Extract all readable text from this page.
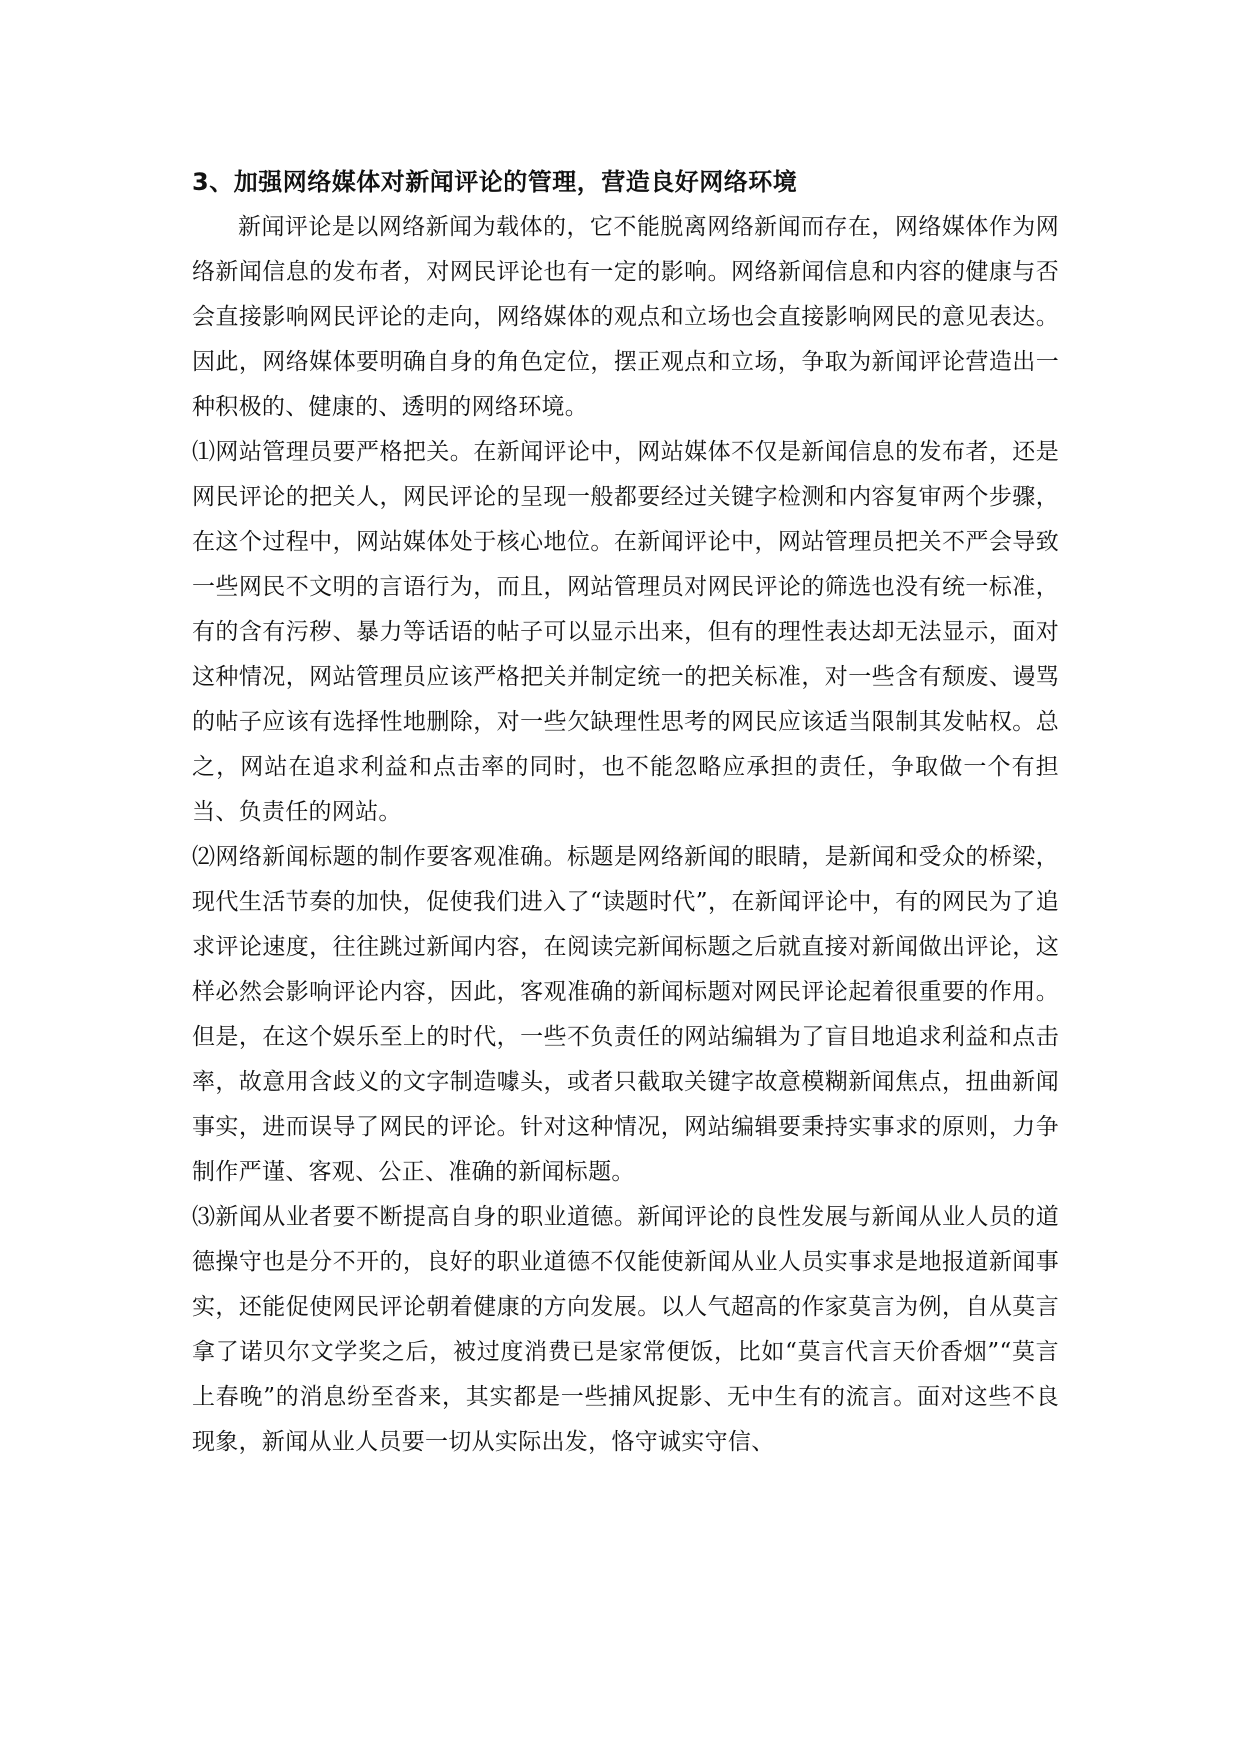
3、加强网络媒体对新闻评论的管理，营造良好网络环境

新闻评论是以网络新闻为载体的，它不能脱离网络新闻而存在，网络媒体作为网络新闻信息的发布者，对网民评论也有一定的影响。网络新闻信息和内容的健康与否会直接影响网民评论的走向，网络媒体的观点和立场也会直接影响网民的意见表达。因此，网络媒体要明确自身的角色定位，摆正观点和立场，争取为新闻评论营造出一种积极的、健康的、透明的网络环境。

⑴网站管理员要严格把关。在新闻评论中，网站媒体不仅是新闻信息的发布者，还是网民评论的把关人，网民评论的呈现一般都要经过关键字检测和内容复审两个步骤，在这个过程中，网站媒体处于核心地位。在新闻评论中，网站管理员把关不严会导致一些网民不文明的言语行为，而且，网站管理员对网民评论的筛选也没有统一标准，有的含有污秽、暴力等话语的帖子可以显示出来，但有的理性表达却无法显示，面对这种情况，网站管理员应该严格把关并制定统一的把关标准，对一些含有颓废、谩骂的帖子应该有选择性地删除，对一些欠缺理性思考的网民应该适当限制其发帖权。总之，网站在追求利益和点击率的同时，也不能忽略应承担的责任，争取做一个有担当、负责任的网站。

⑵网络新闻标题的制作要客观准确。标题是网络新闻的眼睛，是新闻和受众的桥梁，现代生活节奏的加快，促使我们进入了“读题时代”，在新闻评论中，有的网民为了追求评论速度，往往跳过新闻内容，在阅读完新闻标题之后就直接对新闻做出评论，这样必然会影响评论内容，因此，客观准确的新闻标题对网民评论起着很重要的作用。但是，在这个娱乐至上的时代，一些不负责任的网站编辑为了盲目地追求利益和点击率，故意用含歧义的文字制造噱头，或者只截取关键字故意模糊新闻焦点，扭曲新闻事实，进而误导了网民的评论。针对这种情况，网站编辑要秉持实事求的原则，力争制作严谨、客观、公正、准确的新闻标题。

⑶新闻从业者要不断提高自身的职业道德。新闻评论的良性发展与新闻从业人员的道德操守也是分不开的，良好的职业道德不仅能使新闻从业人员实事求是地报道新闻事实，还能促使网民评论朝着健康的方向发展。以人气超高的作家莫言为例，自从莫言拿了诺贝尔文学奖之后，被过度消费已是家常便饭，比如“莫言代言天价香烟”“莫言上春晚”的消息纷至沓来，其实都是一些捕风捉影、无中生有的流言。面对这些不良现象，新闻从业人员要一切从实际出发，恪守诚实守信、
